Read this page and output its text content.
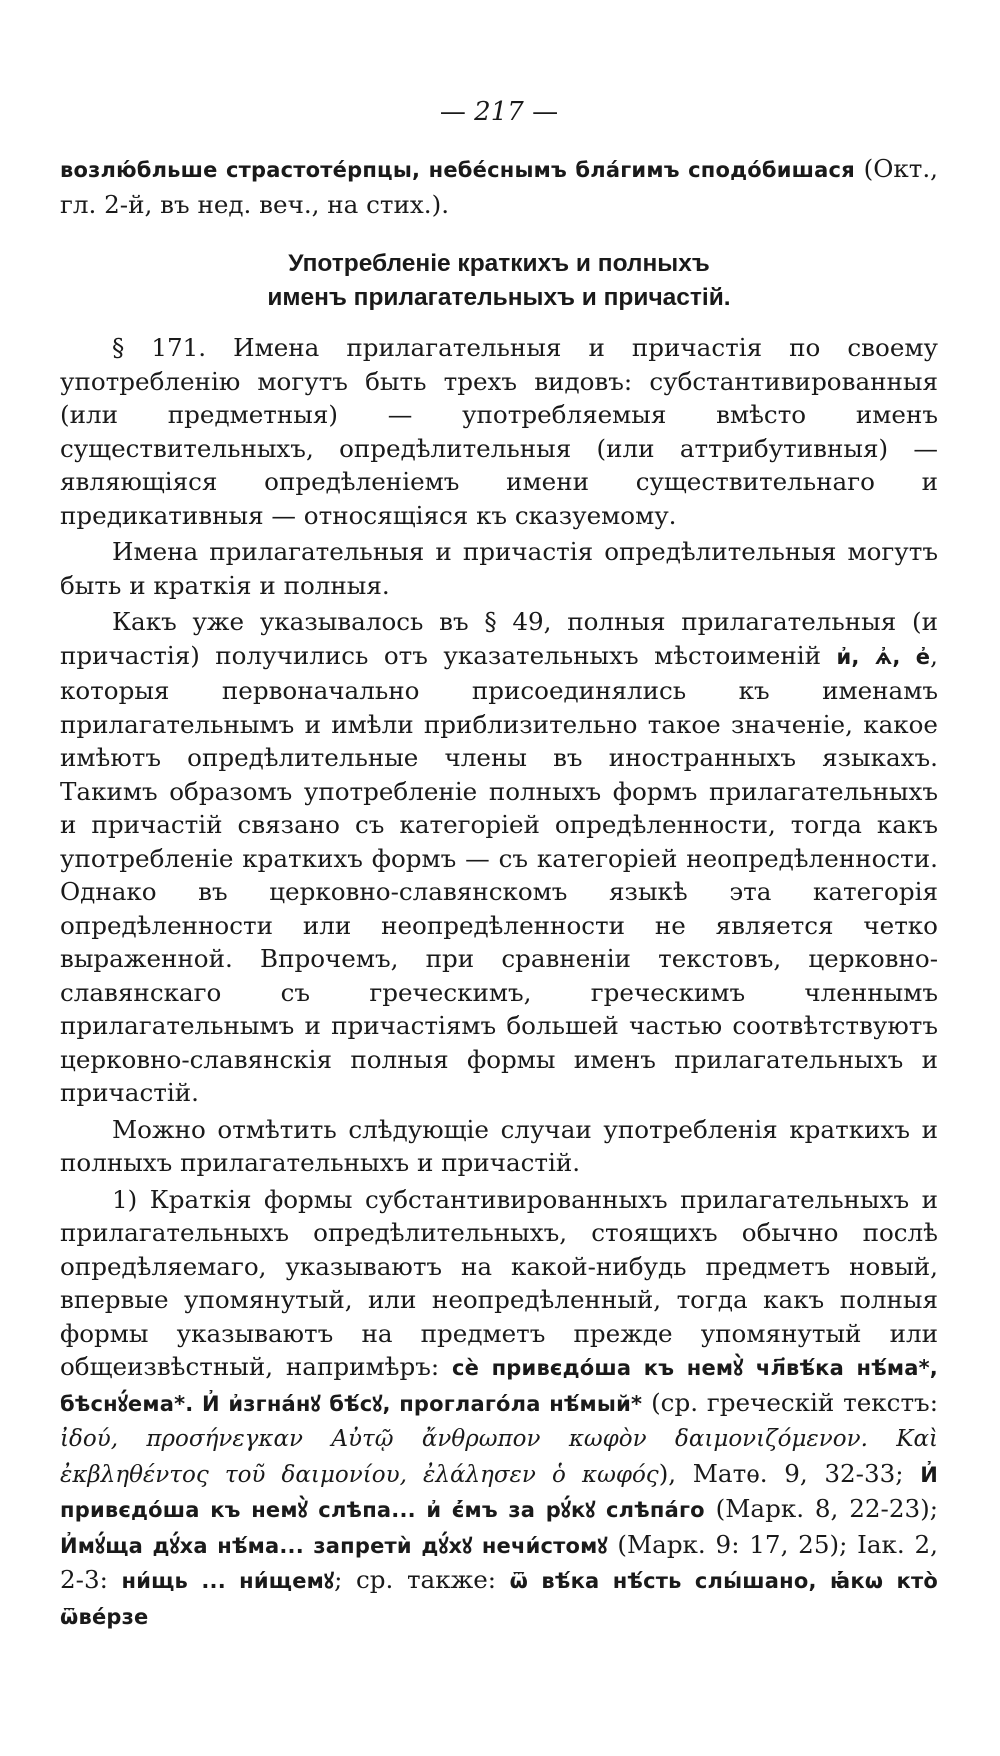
— 217 —

возлю́бльше страстоте́рпцы, небе́снымъ бла́гимъ сподо́бишася (Окт., гл. 2-й, въ нед. веч., на стих.).

Употребленіе краткихъ и полныхъ
именъ прилагательныхъ и причастій.

§ 171. Имена прилагательныя и причастія по своему употребленію могутъ быть трехъ видовъ: субстантивированныя (или предметныя) — употребляемыя вмѣсто именъ существительныхъ, опредѣлительныя (или аттрибутивныя) — являющіяся опредѣленіемъ имени существительнаго и предикативныя — относящіяся къ сказуемому.

Имена прилагательныя и причастія опредѣлительныя могутъ быть и краткія и полныя.

Какъ уже указывалось въ § 49, полныя прилагательныя (и причастія) получились отъ указательныхъ мѣстоименій и҆, ѧ҆, е҆, которыя первоначально присоединялись къ именамъ прилагательнымъ и имѣли приблизительно такое значеніе, какое имѣютъ опредѣлительные члены въ иностранныхъ языкахъ. Такимъ образомъ употребленіе полныхъ формъ прилагательныхъ и причастій связано съ категоріей опредѣленности, тогда какъ употребленіе краткихъ формъ — съ категоріей неопредѣленности. Однако въ церковно-славянскомъ языкѣ эта категорія опредѣленности или неопредѣленности не является четко выраженной. Впрочемъ, при сравненіи текстовъ, церковно-славянскаго съ греческимъ, греческимъ членнымъ прилагательнымъ и причастіямъ большей частью соотвѣтствуютъ церковно-славянскія полныя формы именъ прилагательныхъ и причастій.

Можно отмѣтить слѣдующіе случаи употребленія краткихъ и полныхъ прилагательныхъ и причастій.

1) Краткія формы субстантивированныхъ прилагательныхъ и прилагательныхъ опредѣлительныхъ, стоящихъ обычно послѣ опредѣляемаго, указываютъ на какой-нибудь предметъ новый, впервые упомянутый, или неопредѣленный, тогда какъ полныя формы указываютъ на предметъ прежде упомянутый или общеизвѣстный, напримѣръ: сѐ привєдо́ша къ немꙋ̀ чл҃вѣ́ка нѣ́ма*, бѣснꙋ́ема*. И҆ и҆згна́нꙋ бѣ́сꙋ, проглаго́ла нѣ́мый* (ср. греческій текстъ: ἰδού, προσήνεγκαν Αὐτῷ ἄνθρωπον κωφὸν δαιμονιζόμενον. Καὶ ἐκβληθέντος τοῦ δαιμονίου, ἐλάλησεν ὁ κωφός), Матѳ. 9, 32-33; И҆ привєдо́ша къ немꙋ̀ слѣпа... и҆ є҆́мъ за рꙋ́кꙋ слѣпа́го (Марк. 8, 22-23); И҆мꙋ́ща дꙋ́ха нѣ́ма... запретѝ дꙋ́хꙋ нечи́стомꙋ (Марк. 9: 17, 25); Іак. 2, 2-3: ни́щь ... ни́щемꙋ; ср. также: ѿ вѣ́ка нѣ́сть слы́шано, ꙗ҆́кѡ кто̀ ѿве́рзе
